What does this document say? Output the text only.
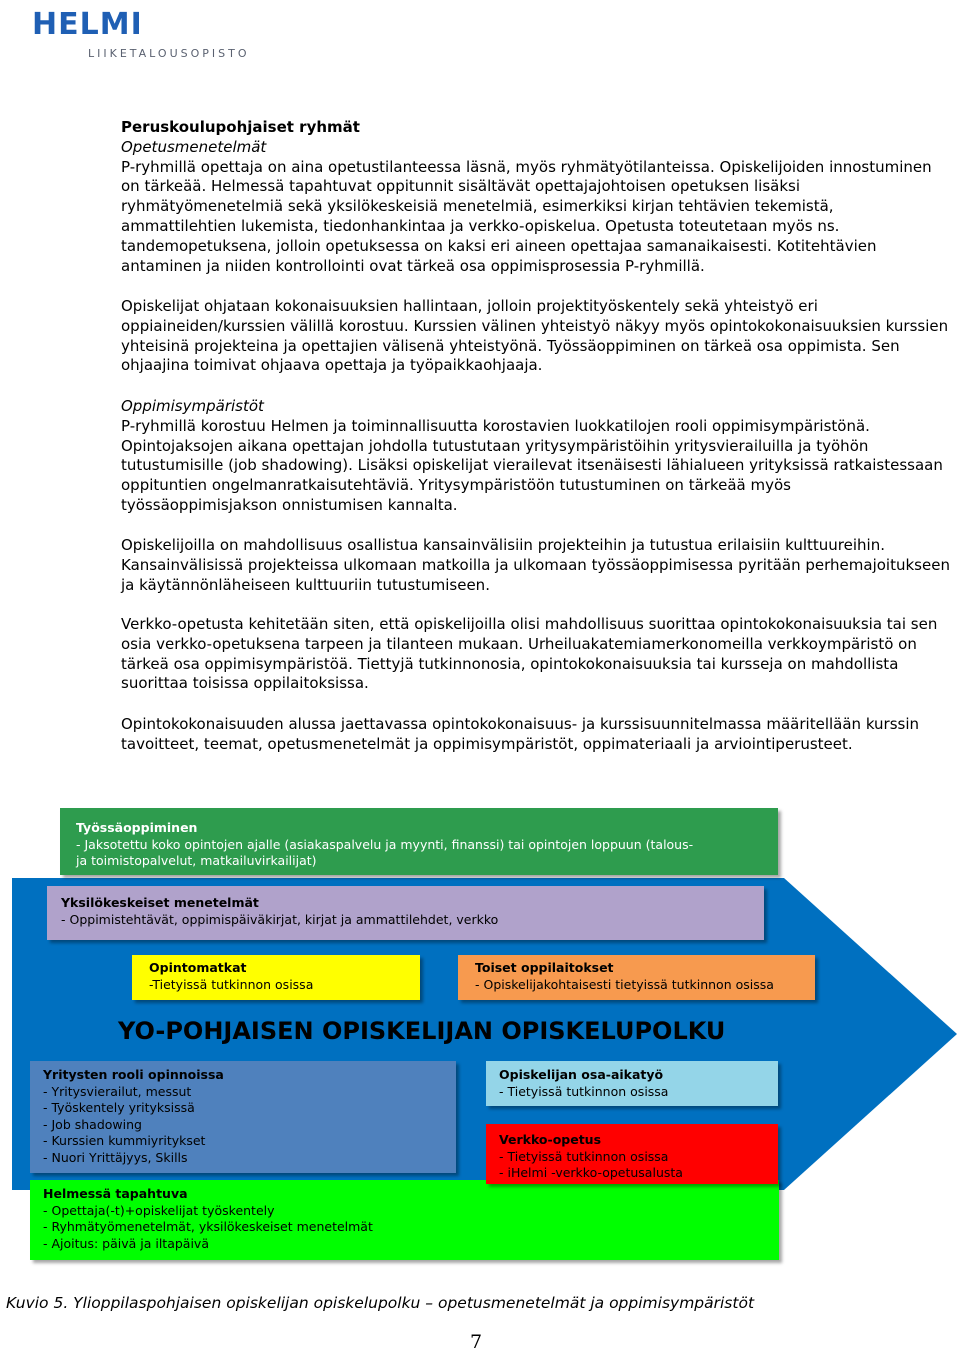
HELMI
LIIKETALOUSOPISTO

Peruskoulupohjaiset ryhmät

Opetusmenetelmät

P-ryhmillä opettaja on aina opetustilanteessa läsnä, myös ryhmätyötilanteissa. Opiskelijoiden innostuminen on tärkeää. Helmessä tapahtuvat oppitunnit sisältävät opettajajohtoisen opetuksen lisäksi ryhmätyömenetelmiä sekä yksilökeskeisiä menetelmiä, esimerkiksi kirjan tehtävien tekemistä, ammattilehtien lukemista, tiedonhankintaa ja verkko-opiskelua. Opetusta toteutetaan myös ns. tandemopetuksena, jolloin opetuksessa on kaksi eri aineen opettajaa samanaikaisesti. Kotitehtävien antaminen ja niiden kontrollointi ovat tärkeä osa oppimisprosessia P-ryhmillä.

Opiskelijat ohjataan kokonaisuuksien hallintaan, jolloin projektityöskentely sekä yhteistyö eri oppiaineiden/kurssien välillä korostuu. Kurssien välinen yhteistyö näkyy myös opintokokonaisuuksien kurssien yhteisinä projekteina ja opettajien välisenä yhteistyönä. Työssäoppiminen on tärkeä osa oppimista. Sen ohjaajina toimivat ohjaava opettaja ja työpaikkaohjaaja.

Oppimisympäristöt

P-ryhmillä korostuu Helmen ja toiminnallisuutta korostavien luokkatilojen rooli oppimisympäristönä. Opintojaksojen aikana opettajan johdolla tutustutaan yritysympäristöihin yritysvierailuilla ja työhön tutustumisille (job shadowing). Lisäksi opiskelijat vierailevat itsenäisesti lähialueen yrityksissä ratkaistessaan oppituntien ongelmanratkaisutehtäviä. Yritysympäristöön tutustuminen on tärkeää myös työssäoppimisjakson onnistumisen kannalta.

Opiskelijoilla on mahdollisuus osallistua kansainvälisiin projekteihin ja tutustua erilaisiin kulttuureihin. Kansainvälisissä projekteissa ulkomaan matkoilla ja ulkomaan työssäoppimisessa pyritään perhemajoitukseen ja käytännönläheiseen kulttuuriin tutustumiseen.

Verkko-opetusta kehitetään siten, että opiskelijoilla olisi mahdollisuus suorittaa opintokokonaisuuksia tai sen osia verkko-opetuksena tarpeen ja tilanteen mukaan. Urheiluakatemiamerkonomeilla verkkoympäristö on tärkeä osa oppimisympäristöä. Tiettyjä tutkinnonosia, opintokokonaisuuksia tai kursseja on mahdollista suorittaa toisissa oppilaitoksissa.

Opintokokonaisuuden alussa jaettavassa opintokokonaisuus- ja kurssisuunnitelmassa määritellään kurssin tavoitteet, teemat, opetusmenetelmät ja oppimisympäristöt, oppimateriaali ja arviointiperusteet.

Työssäoppiminen
- Jaksotettu koko opintojen ajalle (asiakaspalvelu ja myynti, finanssi) tai opintojen loppuun (talous-
ja toimistopalvelut, matkailuvirkailijat)
Yksilökeskeiset menetelmät
- Oppimistehtävät, oppimispäiväkirjat, kirjat ja ammattilehdet, verkko
Opintomatkat
-Tietyissä tutkinnon osissa
Toiset oppilaitokset
- Opiskelijakohtaisesti tietyissä tutkinnon osissa
YO-POHJAISEN OPISKELIJAN OPISKELUPOLKU
Yritysten rooli opinnoissa
- Yritysvierailut, messut
- Työskentely yrityksissä
- Job shadowing
- Kurssien kummiyritykset
- Nuori Yrittäjyys, Skills
Opiskelijan osa-aikatyö
- Tietyissä tutkinnon osissa
Helmessä tapahtuva
- Opettaja(-t)+opiskelijat työskentely
- Ryhmätyömenetelmät, yksilökeskeiset menetelmät
- Ajoitus: päivä ja iltapäivä
Verkko-opetus
- Tietyissä tutkinnon osissa
- iHelmi -verkko-opetusalusta
Kuvio 5. Ylioppilaspohjaisen opiskelijan opiskelupolku – opetusmenetelmät ja oppimisympäristöt
7
